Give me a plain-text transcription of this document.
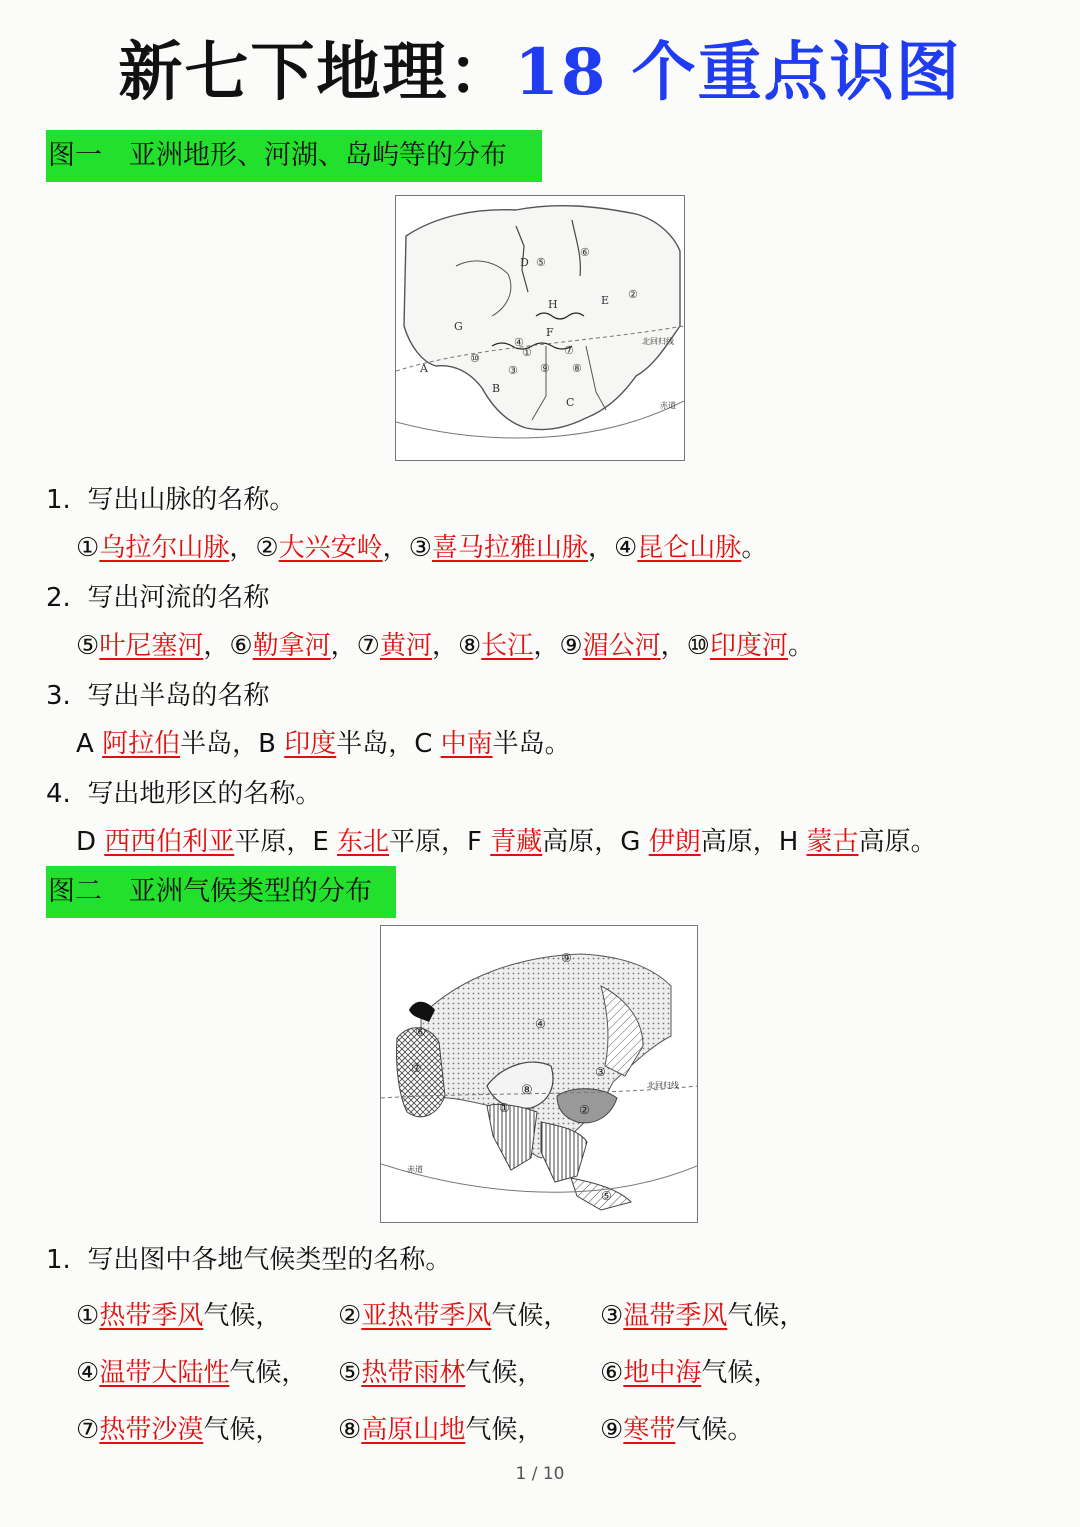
新七下地理：18 个重点识图
图一　亚洲地形、河湖、岛屿等的分布
D ⑤
⑥
E
H
G
⑩	①
③
④
⑦
⑧
⑨
②
F
A
B
C
北回归线
赤道
1.  写出山脉的名称。
①乌拉尔山脉，②大兴安岭，③喜马拉雅山脉，④昆仑山脉。
2.  写出河流的名称
⑤叶尼塞河，⑥勒拿河，⑦黄河，⑧长江，⑨湄公河，⑩印度河。
3.  写出半岛的名称
A 阿拉伯半岛，B 印度半岛，C 中南半岛。
4.  写出地形区的名称。
D 西西伯利亚平原，E 东北平原，F 青藏高原，G 伊朗高原，H 蒙古高原。
图二　亚洲气候类型的分布
④
⑨
⑧
①	②
③
⑤
⑥
⑦
北回归线
赤道
1.  写出图中各地气候类型的名称。
①热带季风气候， ②亚热带季风气候， ③温带季风气候，
④温带大陆性气候， ⑤热带雨林气候， ⑥地中海气候，
⑦热带沙漠气候， ⑧高原山地气候， ⑨寒带气候。
1 / 10
